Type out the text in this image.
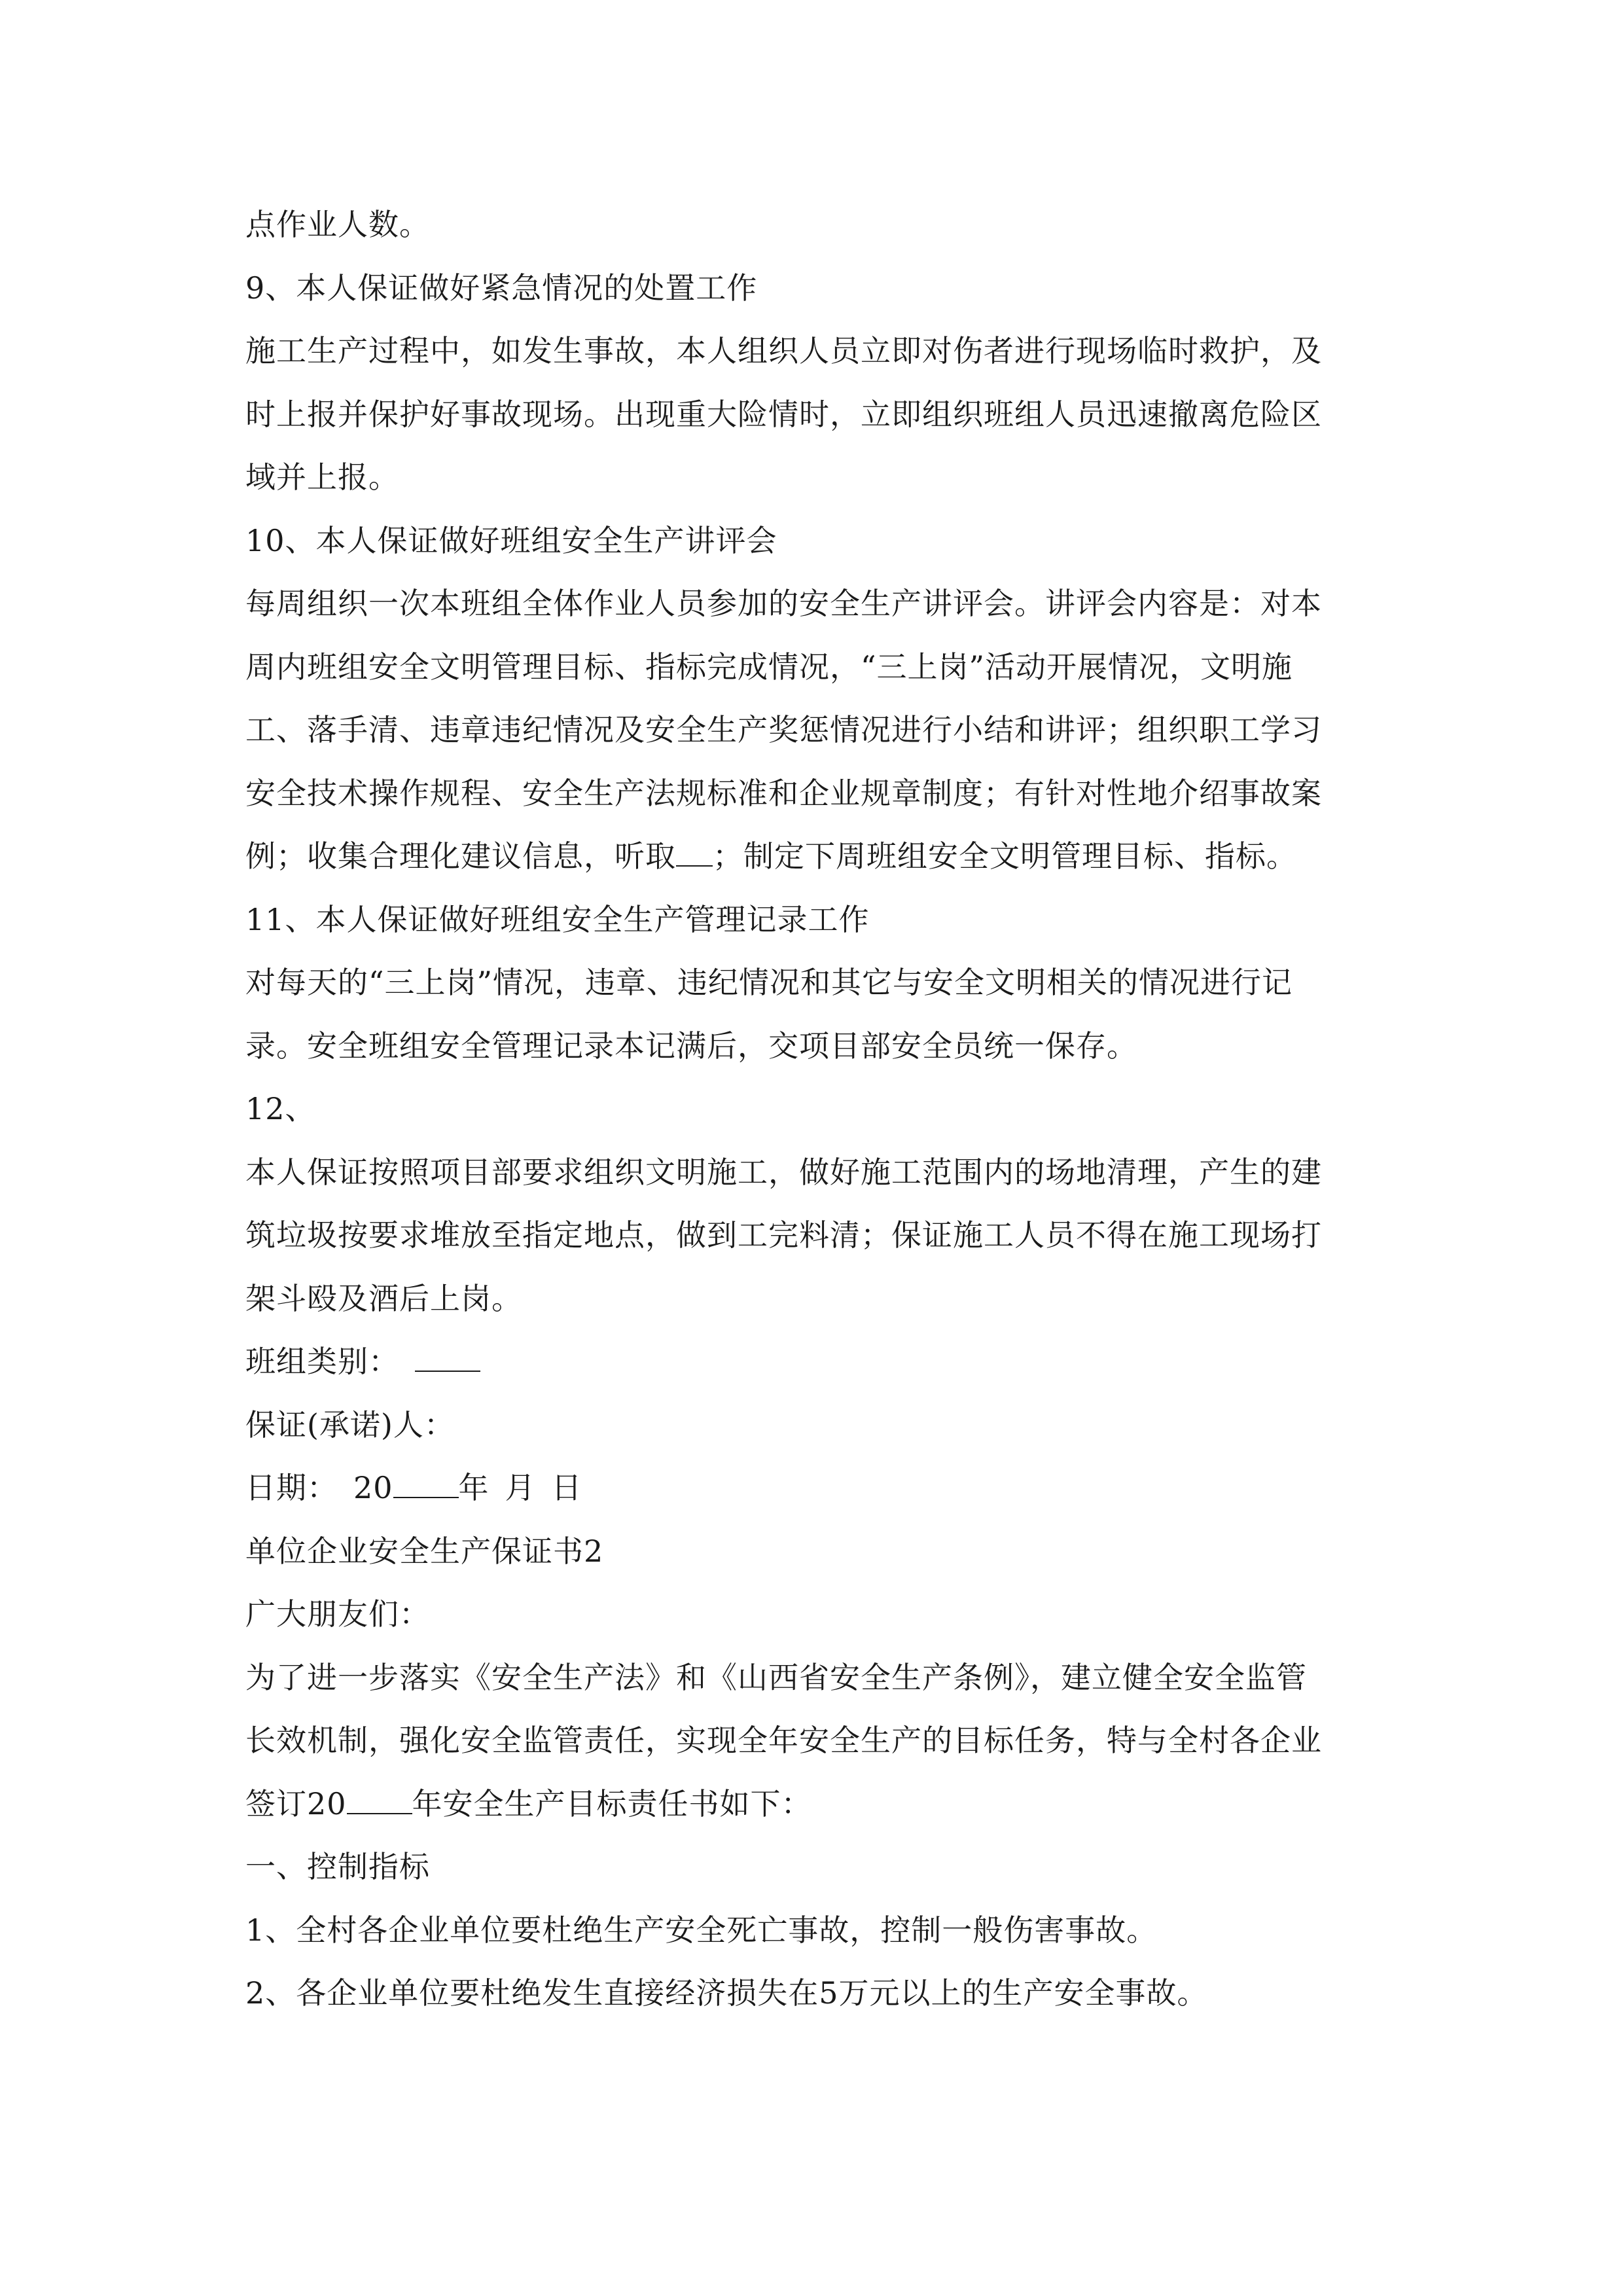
点作业人数。
9、本人保证做好紧急情况的处置工作
施工生产过程中，如发生事故，本人组织人员立即对伤者进行现场临时救护，及
时上报并保护好事故现场。出现重大险情时，立即组织班组人员迅速撤离危险区
域并上报。
10、本人保证做好班组安全生产讲评会
每周组织一次本班组全体作业人员参加的安全生产讲评会。讲评会内容是：对本
周内班组安全文明管理目标、指标完成情况，“三上岗”活动开展情况，文明施
工、落手清、违章违纪情况及安全生产奖惩情况进行小结和讲评；组织职工学习
安全技术操作规程、安全生产法规标准和企业规章制度；有针对性地介绍事故案
例；收集合理化建议信息，听取 ；制定下周班组安全文明管理目标、指标。
11、本人保证做好班组安全生产管理记录工作
对每天的“三上岗”情况，违章、违纪情况和其它与安全文明相关的情况进行记
录。安全班组安全管理记录本记满后，交项目部安全员统一保存。
12、
本人保证按照项目部要求组织文明施工，做好施工范围内的场地清理，产生的建
筑垃圾按要求堆放至指定地点，做到工完料清；保证施工人员不得在施工现场打
架斗殴及酒后上岗。
班组类别：
保证(承诺)人：
日期： 20 年 月 日
单位企业安全生产保证书2
广大朋友们：
为了进一步落实《安全生产法》和《山西省安全生产条例》，建立健全安全监管
长效机制，强化安全监管责任，实现全年安全生产的目标任务，特与全村各企业
签订20 年安全生产目标责任书如下：
一、控制指标
1、全村各企业单位要杜绝生产安全死亡事故，控制一般伤害事故。
2、各企业单位要杜绝发生直接经济损失在5万元以上的生产安全事故。
